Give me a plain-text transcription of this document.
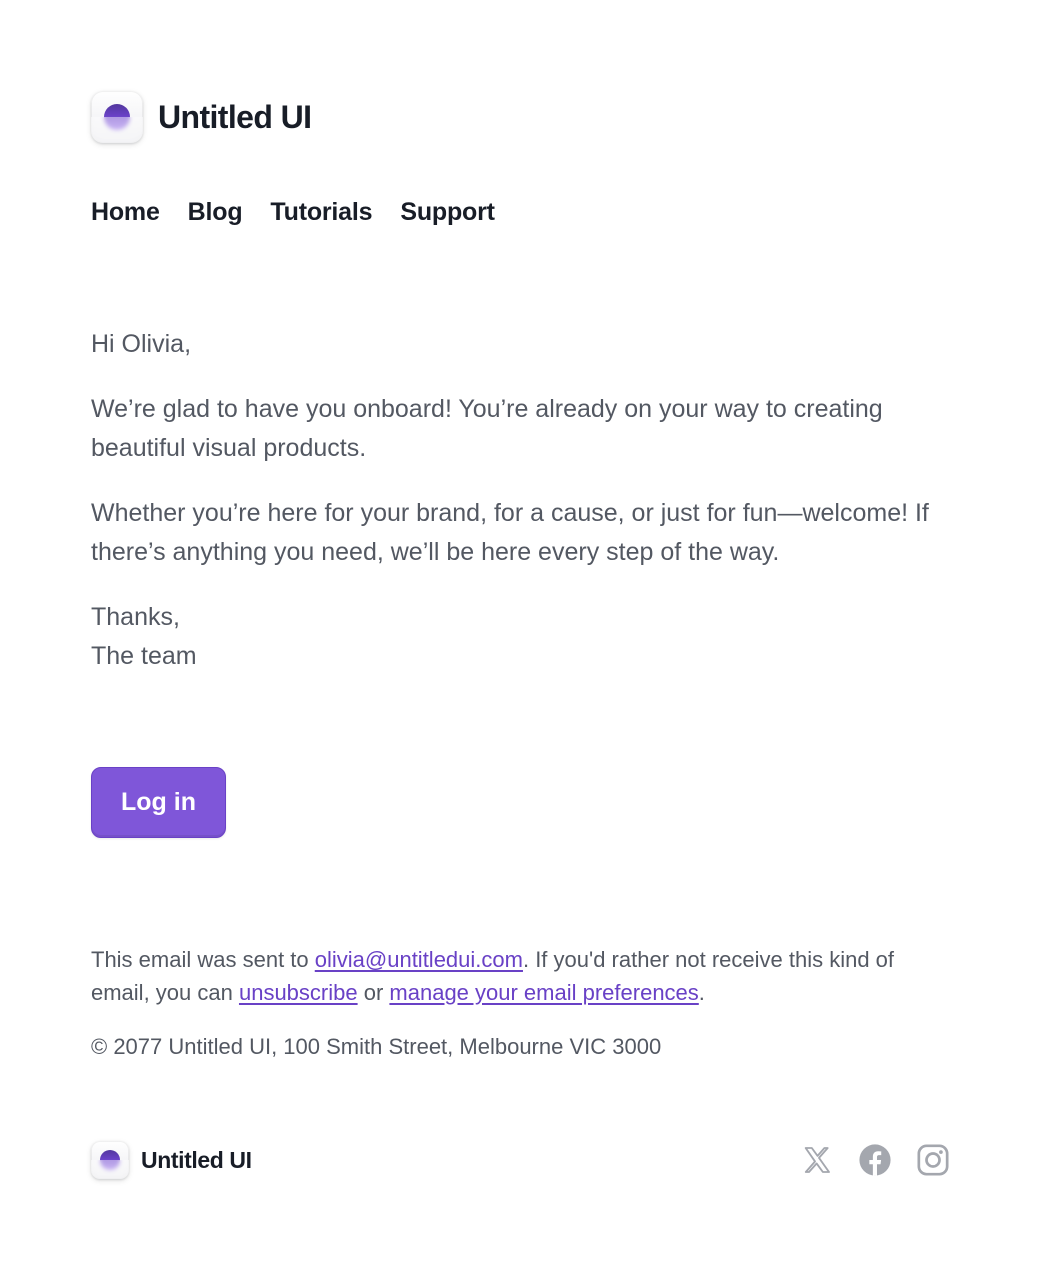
Untitled UI
Home Blog Tutorials Support

Hi Olivia,

We’re glad to have you onboard! You’re already on your way to creating beautiful visual products.

Whether you’re here for your brand, for a cause, or just for fun—welcome! If there’s anything you need, we’ll be here every step of the way.

Thanks,
The team

Log in
This email was sent to olivia@untitledui.com. If you'd rather not receive this kind of email, you can unsubscribe or manage your email preferences.
© 2077 Untitled UI, 100 Smith Street, Melbourne VIC 3000
Untitled UI
